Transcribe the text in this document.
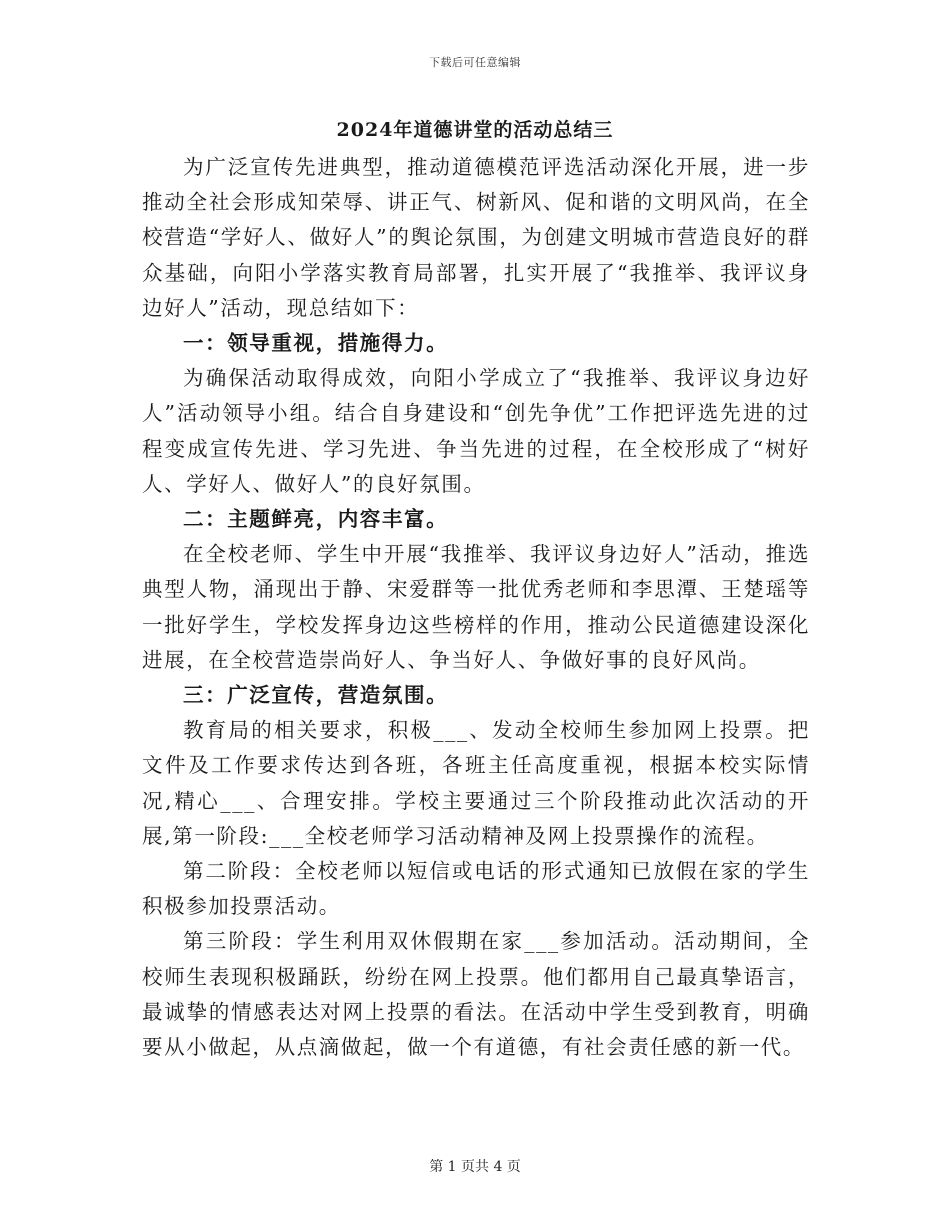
下载后可任意编辑
2024年道德讲堂的活动总结三

为广泛宣传先进典型，推动道德模范评选活动深化开展，进一步推动全社会形成知荣辱、讲正气、树新风、促和谐的文明风尚，在全校营造“学好人、做好人”的舆论氛围，为创建文明城市营造良好的群众基础，向阳小学落实教育局部署，扎实开展了“我推举、我评议身边好人”活动，现总结如下：

一：领导重视，措施得力。

为确保活动取得成效，向阳小学成立了“我推举、我评议身边好人”活动领导小组。结合自身建设和“创先争优”工作把评选先进的过程变成宣传先进、学习先进、争当先进的过程，在全校形成了“树好人、学好人、做好人”的良好氛围。

二：主题鲜亮，内容丰富。

在全校老师、学生中开展“我推举、我评议身边好人”活动，推选典型人物，涌现出于静、宋爱群等一批优秀老师和李思潭、王楚瑶等一批好学生，学校发挥身边这些榜样的作用，推动公民道德建设深化进展，在全校营造崇尚好人、争当好人、争做好事的良好风尚。

三：广泛宣传，营造氛围。

教育局的相关要求，积极___、发动全校师生参加网上投票。把文件及工作要求传达到各班，各班主任高度重视，根据本校实际情况,精心___、合理安排。学校主要通过三个阶段推动此次活动的开展,第一阶段:___全校老师学习活动精神及网上投票操作的流程。

第二阶段：全校老师以短信或电话的形式通知已放假在家的学生积极参加投票活动。

第三阶段：学生利用双休假期在家___参加活动。活动期间，全校师生表现积极踊跃，纷纷在网上投票。他们都用自己最真挚语言，最诚挚的情感表达对网上投票的看法。在活动中学生受到教育，明确要从小做起，从点滴做起，做一个有道德，有社会责任感的新一代。

第 1 页共 4 页
